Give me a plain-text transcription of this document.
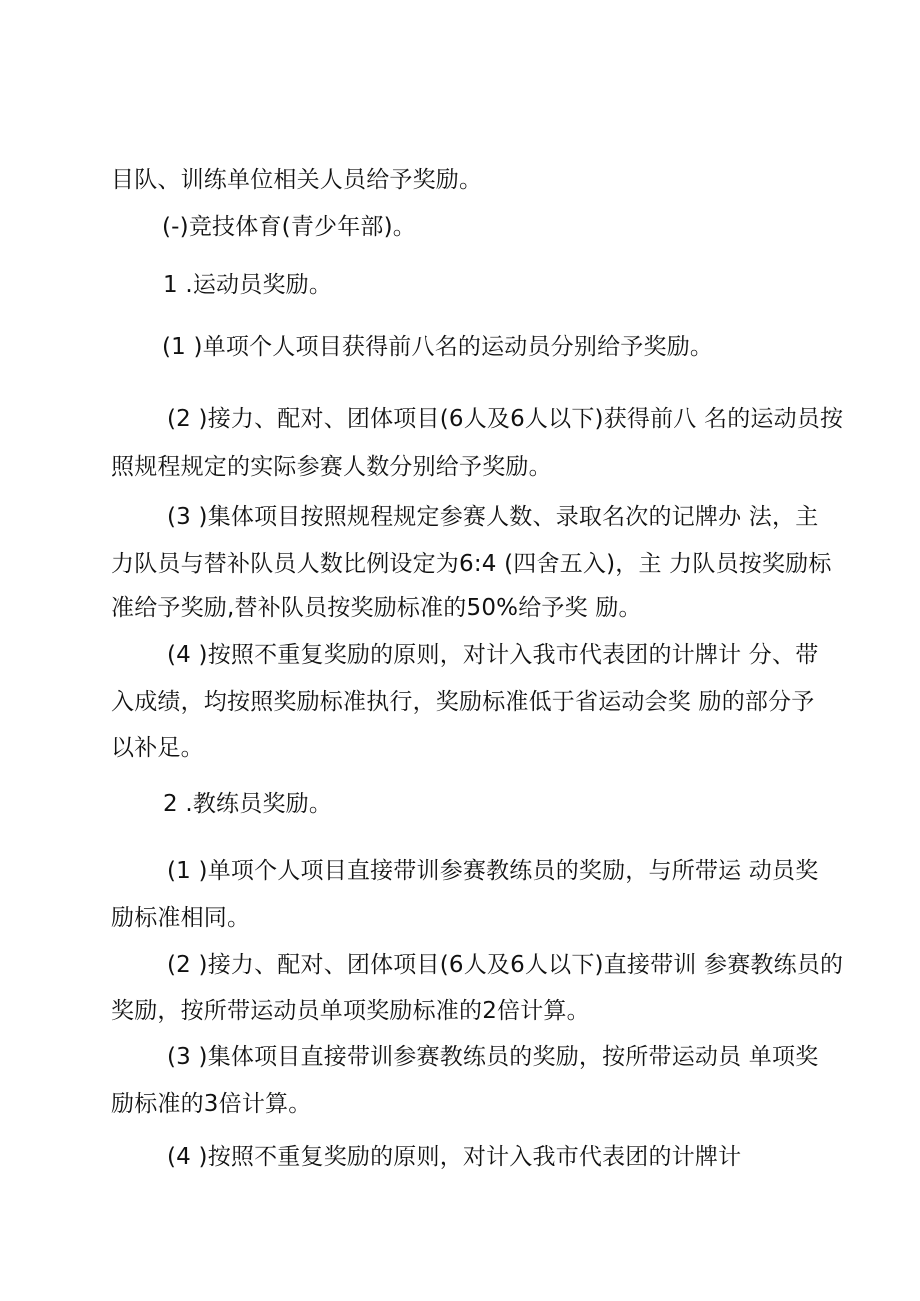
目队、训练单位相关人员给予奖励。
(-)竞技体育(青少年部)。
1 .运动员奖励。
(1 )单项个人项目获得前八名的运动员分别给予奖励。
(2 )接力、配对、团体项目(6人及6人以下)获得前八 名的运动员按
照规程规定的实际参赛人数分别给予奖励。
(3 )集体项目按照规程规定参赛人数、录取名次的记牌办 法，主
力队员与替补队员人数比例设定为6:4 (四舍五入)，主 力队员按奖励标
准给予奖励,替补队员按奖励标准的50%给予奖 励。
(4 )按照不重复奖励的原则，对计入我市代表团的计牌计 分、带
入成绩，均按照奖励标准执行，奖励标准低于省运动会奖 励的部分予
以补足。
2 .教练员奖励。
(1 )单项个人项目直接带训参赛教练员的奖励，与所带运 动员奖
励标准相同。
(2 )接力、配对、团体项目(6人及6人以下)直接带训 参赛教练员的
奖励，按所带运动员单项奖励标准的2倍计算。
(3 )集体项目直接带训参赛教练员的奖励，按所带运动员 单项奖
励标准的3倍计算。
(4 )按照不重复奖励的原则，对计入我市代表团的计牌计
